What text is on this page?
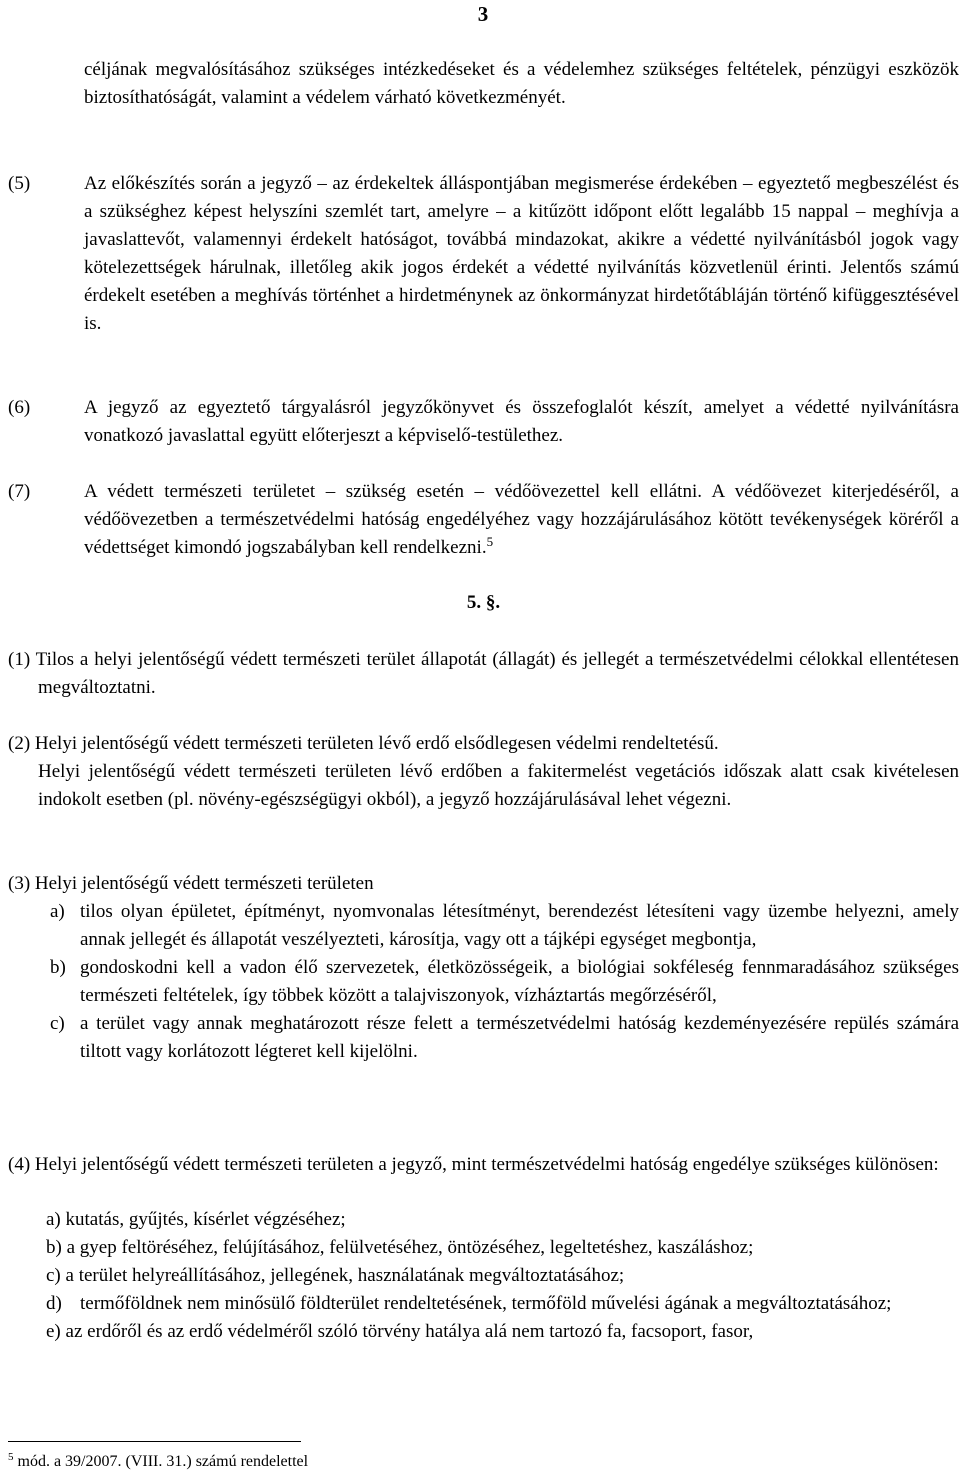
3
céljának megvalósításához szükséges intézkedéseket és a védelemhez szükséges feltételek, pénzügyi eszközök biztosíthatóságát, valamint a védelem várható következményét.
(5)	Az előkészítés során a jegyző – az érdekeltek álláspontjában megismerése érdekében – egyeztető megbeszélést és a szükséghez képest helyszíni szemlét tart, amelyre – a kitűzött időpont előtt legalább 15 nappal – meghívja a javaslattevőt, valamennyi érdekelt hatóságot, továbbá mindazokat, akikre a védetté nyilvánításból jogok vagy kötelezettségek hárulnak, illetőleg akik jogos érdekét a védetté nyilvánítás közvetlenül érinti. Jelentős számú érdekelt esetében a meghívás történhet a hirdetménynek az önkormányzat hirdetőtábláján történő kifüggesztésével is.
(6)	A jegyző az egyeztető tárgyalásról jegyzőkönyvet és összefoglalót készít, amelyet a védetté nyilvánításra vonatkozó javaslattal együtt előterjeszt a képviselő-testülethez.
(7)	A védett természeti területet – szükség esetén – védőövezettel kell ellátni. A védőövezet kiterjedéséről, a védőövezetben a természetvédelmi hatóság engedélyéhez vagy hozzájárulásához kötött tevékenységek köréről a védettséget kimondó jogszabályban kell rendelkezni.$^5$
5. §.
(1) Tilos a helyi jelentőségű védett természeti terület állapotát (állagát) és jellegét a természetvédelmi célokkal ellentétesen megváltoztatni.
(2) Helyi jelentőségű védett természeti területen lévő erdő elsődlegesen védelmi rendeltetésű.
Helyi jelentőségű védett természeti területen lévő erdőben a fakitermelést vegetációs időszak alatt csak kivételesen indokolt esetben (pl. növény-egészségügyi okból), a jegyző hozzájárulásával lehet végezni.
(3) Helyi jelentőségű védett természeti területen
a) tilos olyan épületet, építményt, nyomvonalas létesítményt, berendezést létesíteni vagy üzembe helyezni, amely annak jellegét és állapotát veszélyezteti, károsítja, vagy ott a tájképi egységet megbontja,
b) gondoskodni kell a vadon élő szervezetek, életközösségeik, a biológiai sokféleség fennmaradásához szükséges természeti feltételek, így többek között a talajviszonyok, vízháztartás megőrzéséről,
c) a terület vagy annak meghatározott része felett a természetvédelmi hatóság kezdeményezésére repülés számára tiltott vagy korlátozott légteret kell kijelölni.
(4) Helyi jelentőségű védett természeti területen a jegyző, mint természetvédelmi hatóság engedélye szükséges különösen:
a) kutatás, gyűjtés, kísérlet végzéséhez;
b) a gyep feltöréséhez, felújításához, felülvetéséhez, öntözéséhez, legeltetéshez, kaszáláshoz;
c) a terület helyreállításához, jellegének, használatának megváltoztatásához;
d) termőföldnek nem minősülő földterület rendeltetésének, termőföld művelési ágának a megváltoztatásához;
e) az erdőről és az erdő védelméről szóló törvény hatálya alá nem tartozó fa, facsoport, fasor,

$^5$ mód. a 39/2007. (VIII. 31.) számú rendelettel
